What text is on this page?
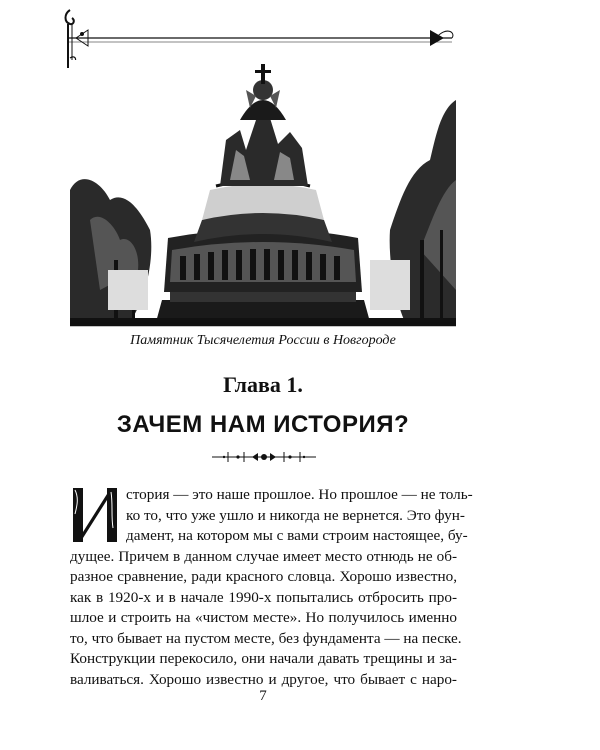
Памятник Тысячелетия России в Новгороде
Глава 1.
ЗАЧЕМ НАМ ИСТОРИЯ?
стория — это наше прошлое. Но прошлое — не толь-
ко то, что уже ушло и никогда не вернется. Это фун-
дамент, на котором мы с вами строим настоящее, бу-
дущее. Причем в данном случае имеет место отнюдь не об-
разное сравнение, ради красного словца. Хорошо известно,
как в 1920-х и в начале 1990-х попытались отбросить про-
шлое и строить на «чистом месте». Но получилось именно
то, что бывает на пустом месте, без фундамента — на песке.
Конструкции перекосило, они начали давать трещины и за-
валиваться. Хорошо известно и другое, что бывает с наро-
7
